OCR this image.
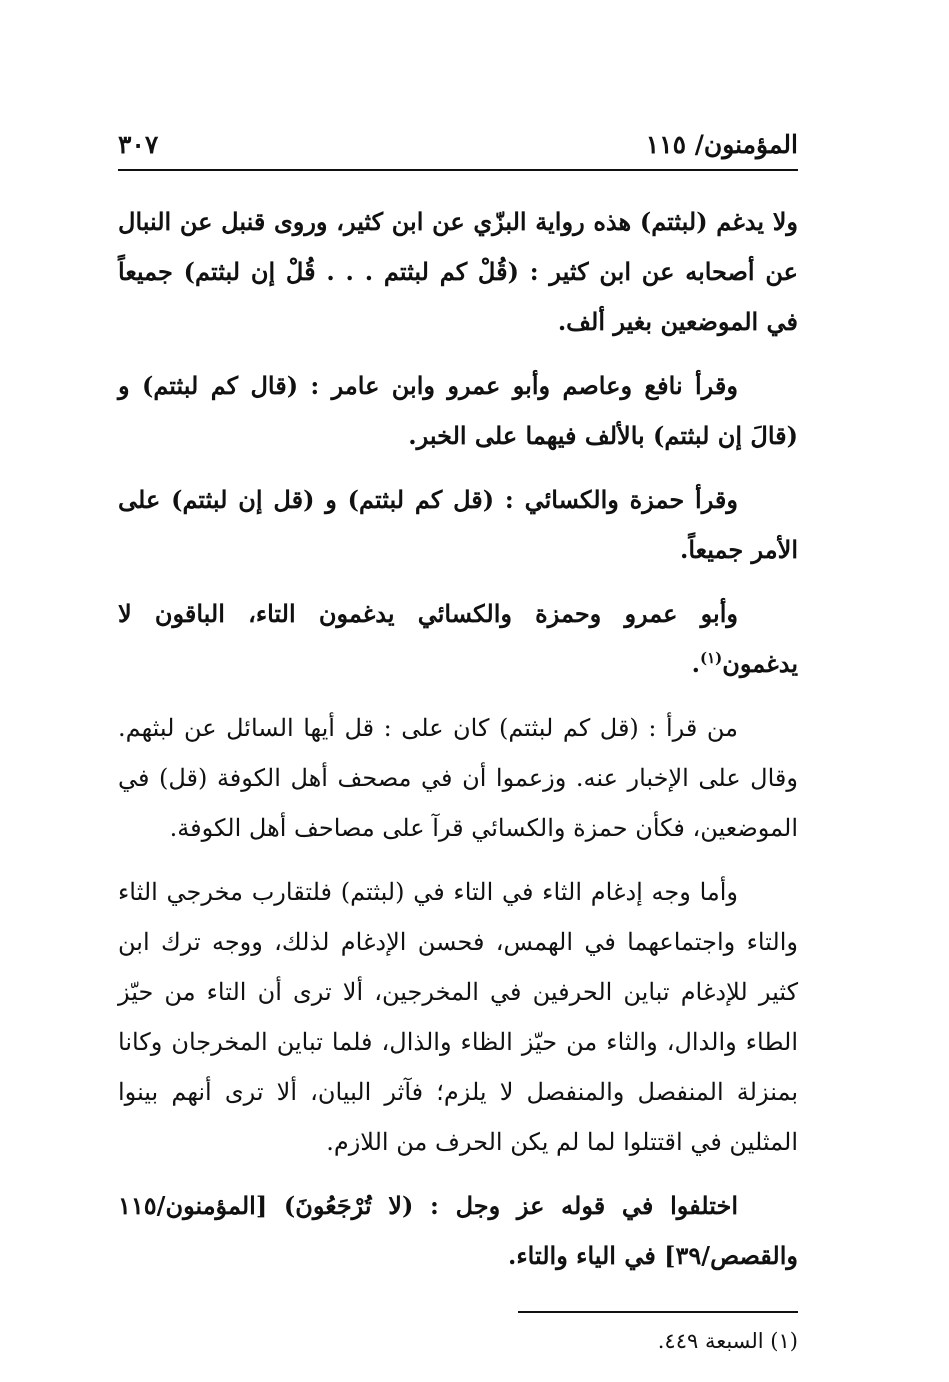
المؤمنون/ ١١٥
٣٠٧

ولا يدغم (لبثتم) هذه رواية البزّي عن ابن كثير، وروى قنبل عن النبال عن أصحابه عن ابن كثير : (قُلْ كم لبثتم . . . قُلْ إن لبثتم) جميعاً في الموضعين بغير ألف.

وقرأ نافع وعاصم وأبو عمرو وابن عامر : (قال كم لبثتم) و (قالَ إن لبثتم) بالألف فيهما على الخبر.

وقرأ حمزة والكسائي : (قل كم لبثتم) و (قل إن لبثتم) على الأمر جميعاً.

وأبو عمرو وحمزة والكسائي يدغمون التاء، الباقون لا يدغمون$^{(١)}$.

من قرأ : (قل كم لبثتم) كان على : قل أيها السائل عن لبثهم. وقال على الإخبار عنه. وزعموا أن في مصحف أهل الكوفة (قل) في الموضعين، فكأن حمزة والكسائي قرآ على مصاحف أهل الكوفة.

وأما وجه إدغام الثاء في التاء في (لبثتم) فلتقارب مخرجي الثاء والتاء واجتماعهما في الهمس، فحسن الإدغام لذلك، ووجه ترك ابن كثير للإدغام تباين الحرفين في المخرجين، ألا ترى أن التاء من حيّز الطاء والدال، والثاء من حيّز الظاء والذال، فلما تباين المخرجان وكانا بمنزلة المنفصل والمنفصل لا يلزم؛ فآثر البيان، ألا ترى أنهم بينوا المثلين في اقتتلوا لما لم يكن الحرف من اللازم.

اختلفوا في قوله عز وجل : (لا تُرْجَعُونَ) [المؤمنون/١١٥ والقصص/٣٩] في الياء والتاء.

(١) السبعة ٤٤٩.
